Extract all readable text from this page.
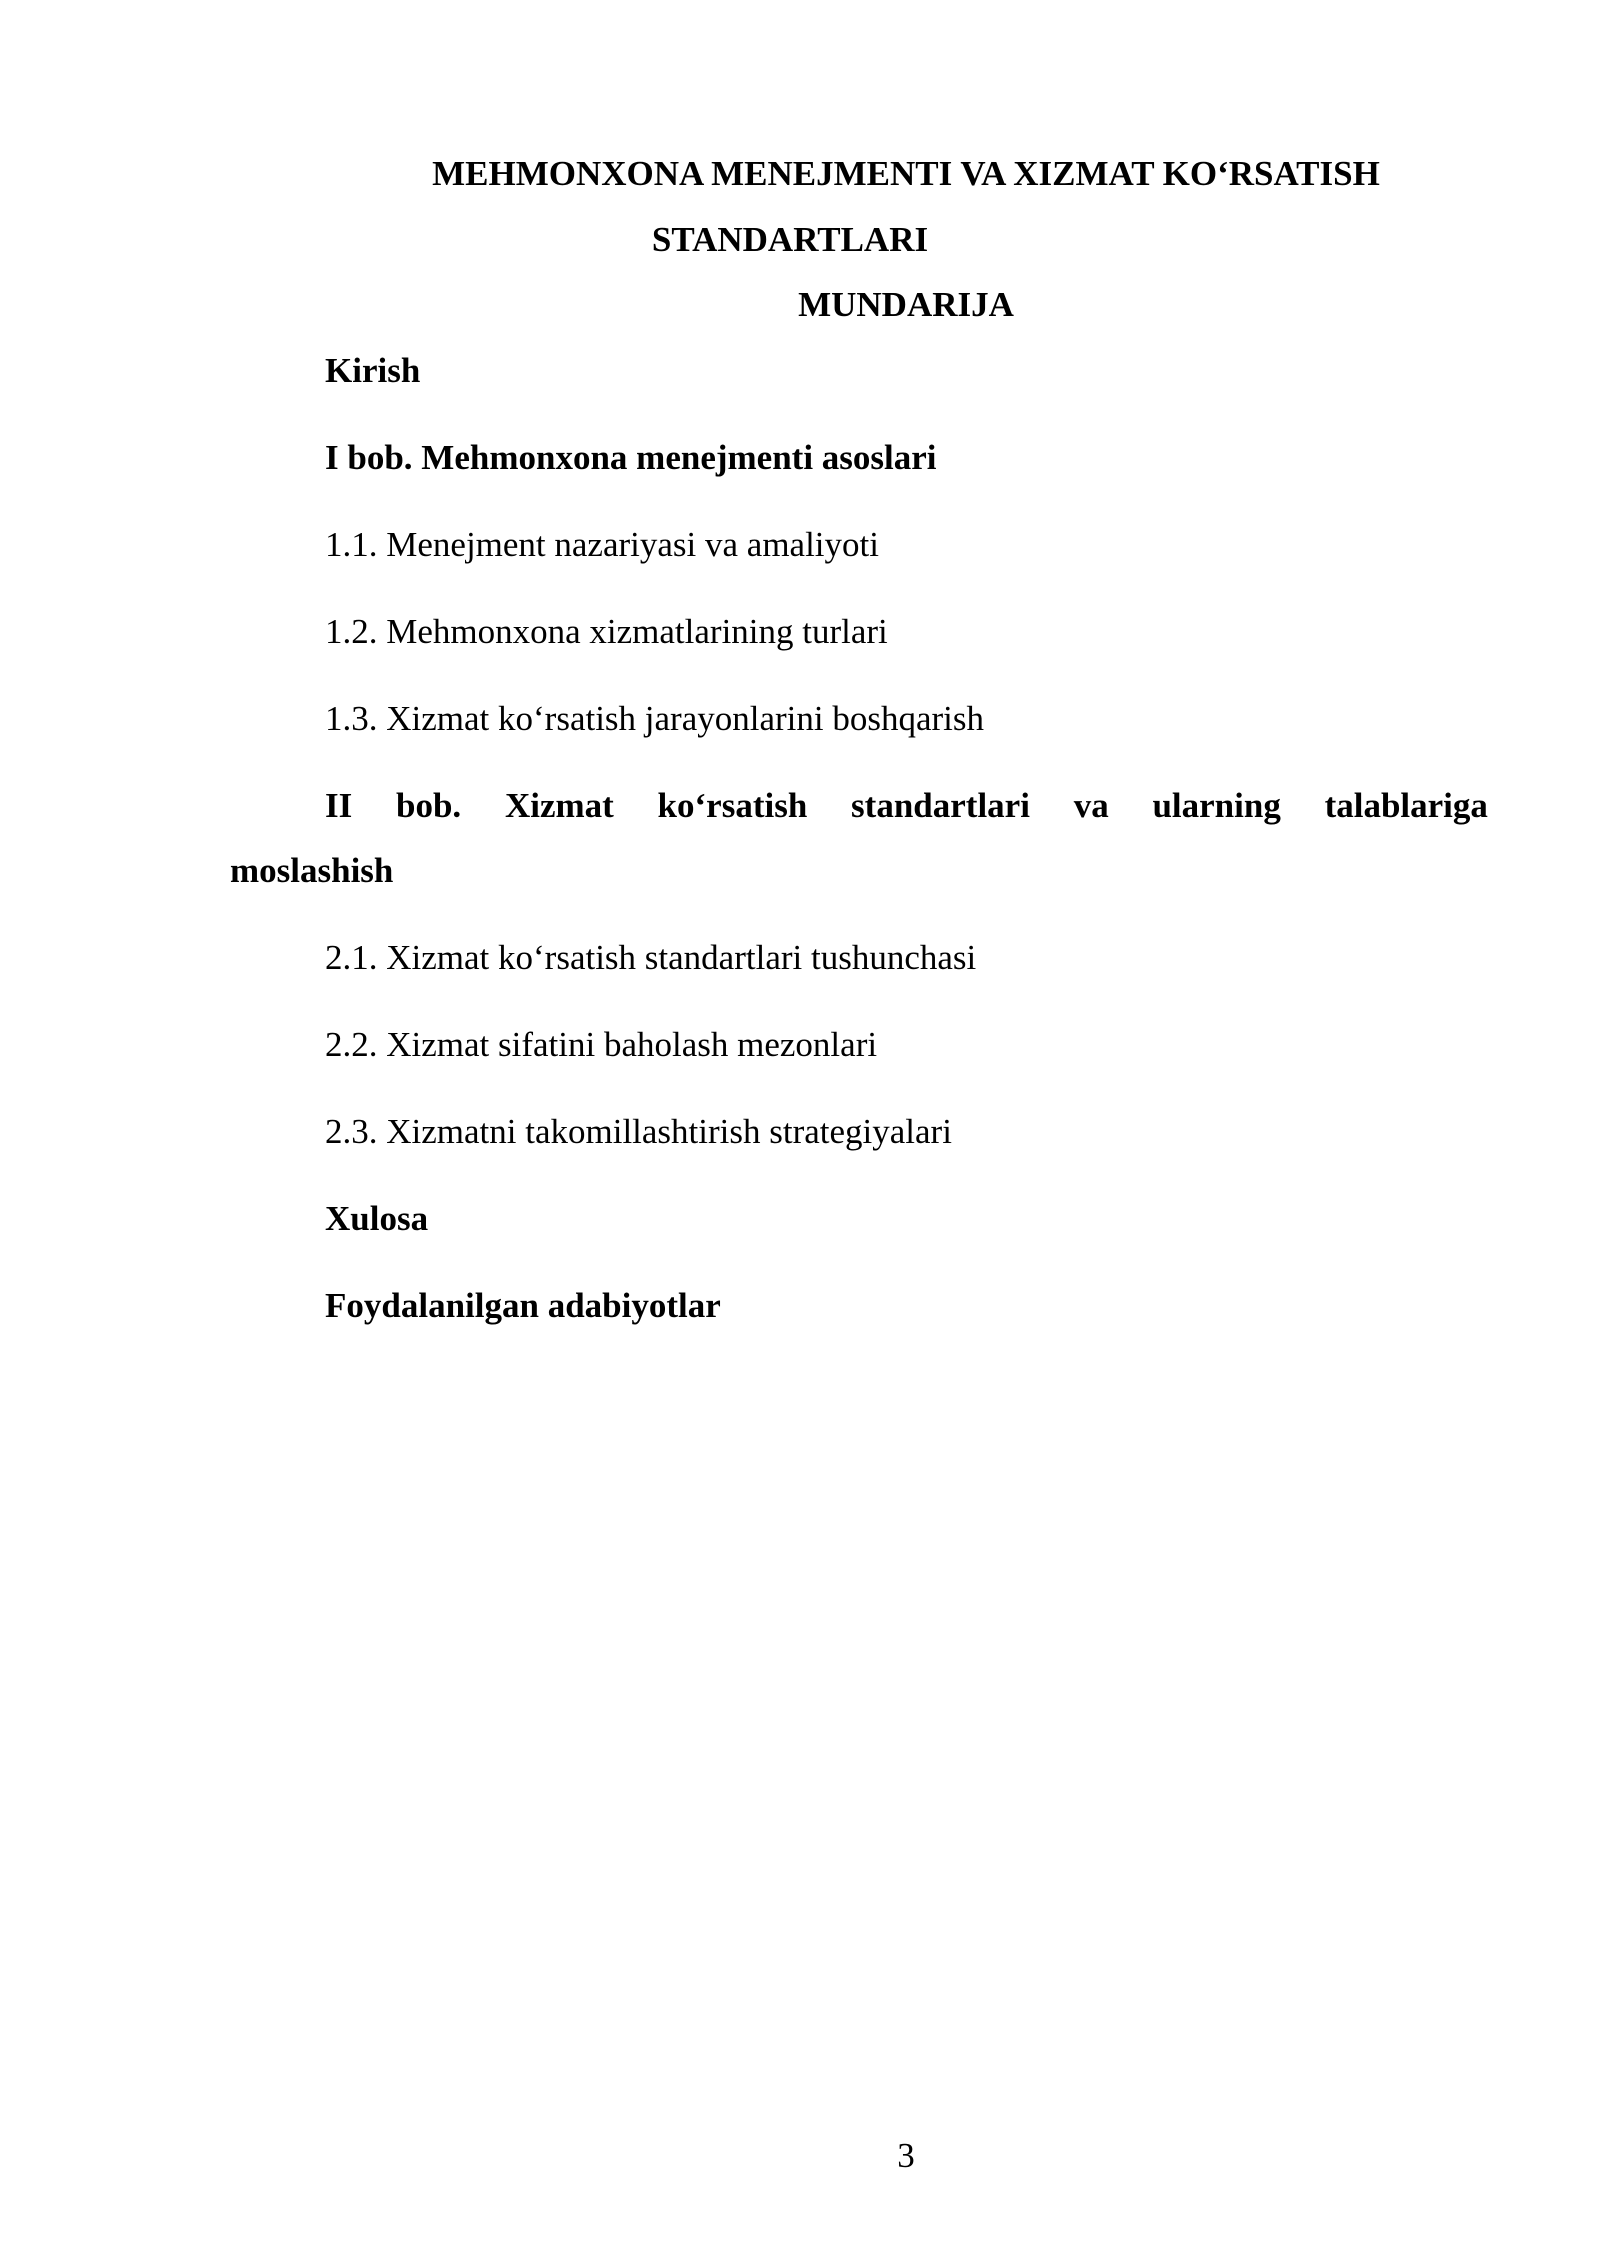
MEHMONXONA MENEJMENTI VA XIZMAT KO‘RSATISH
STANDARTLARI
MUNDARIJA
Kirish
I bob. Mehmonxona menejmenti asoslari
1.1. Menejment nazariyasi va amaliyoti
1.2. Mehmonxona xizmatlarining turlari
1.3. Xizmat ko‘rsatish jarayonlarini boshqarish
II bob. Xizmat ko‘rsatish standartlari va ularning talablariga
moslashish
2.1. Xizmat ko‘rsatish standartlari tushunchasi
2.2. Xizmat sifatini baholash mezonlari
2.3. Xizmatni takomillashtirish strategiyalari
Xulosa
Foydalanilgan adabiyotlar
3
